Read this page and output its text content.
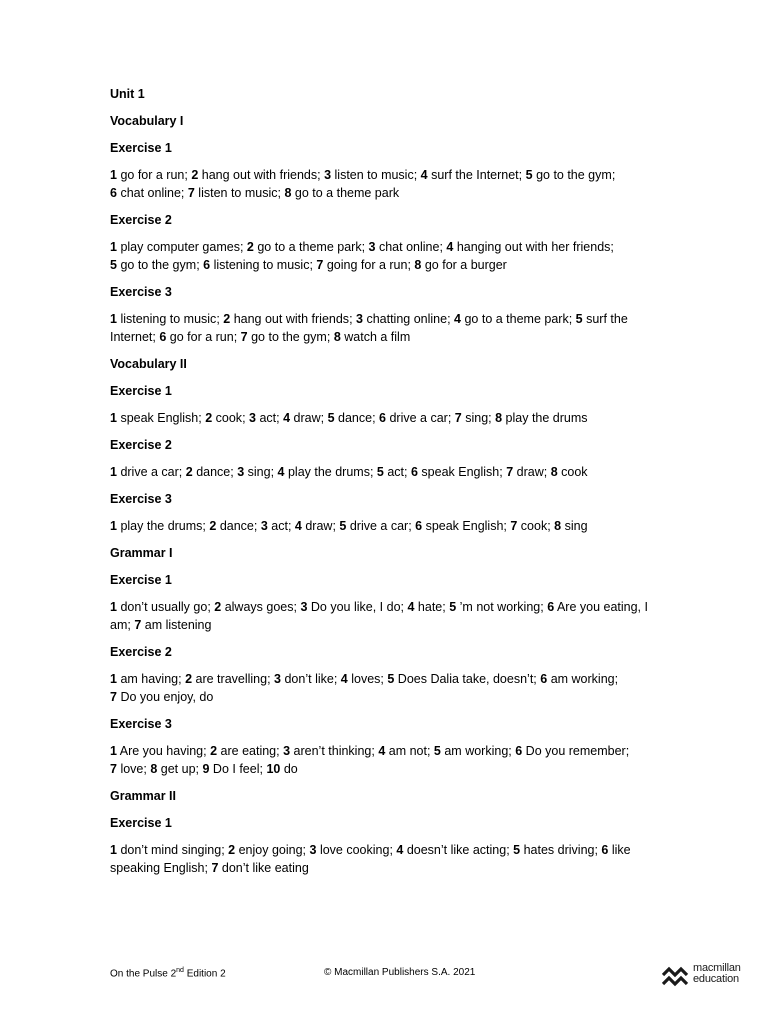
Unit 1
Vocabulary I
Exercise 1
1 go for a run; 2 hang out with friends; 3 listen to music; 4 surf the Internet; 5 go to the gym;
6 chat online; 7 listen to music; 8 go to a theme park
Exercise 2
1 play computer games; 2 go to a theme park; 3 chat online; 4 hanging out with her friends;
5 go to the gym; 6 listening to music; 7 going for a run; 8 go for a burger
Exercise 3
1 listening to music; 2 hang out with friends; 3 chatting online; 4 go to a theme park; 5 surf the Internet; 6 go for a run; 7 go to the gym; 8 watch a film
Vocabulary II
Exercise 1
1 speak English; 2 cook; 3 act; 4 draw; 5 dance; 6 drive a car; 7 sing; 8 play the drums
Exercise 2
1 drive a car; 2 dance; 3 sing; 4 play the drums; 5 act; 6 speak English; 7 draw; 8 cook
Exercise 3
1 play the drums; 2 dance; 3 act; 4 draw; 5 drive a car; 6 speak English; 7 cook; 8 sing
Grammar I
Exercise 1
1 don’t usually go; 2 always goes; 3 Do you like, I do; 4 hate; 5 ’m not working; 6 Are you eating, I am; 7 am listening
Exercise 2
1 am having; 2 are travelling; 3 don’t like; 4 loves; 5 Does Dalia take, doesn’t; 6 am working;
7 Do you enjoy, do
Exercise 3
1 Are you having; 2 are eating; 3 aren’t thinking; 4 am not; 5 am working; 6 Do you remember;
7 love; 8 get up; 9 Do I feel; 10 do
Grammar II
Exercise 1
1 don’t mind singing; 2 enjoy going; 3 love cooking; 4 doesn’t like acting; 5 hates driving; 6 like speaking English; 7 don’t like eating
On the Pulse 2nd Edition 2	© Macmillan Publishers S.A. 2021	macmillan
education
